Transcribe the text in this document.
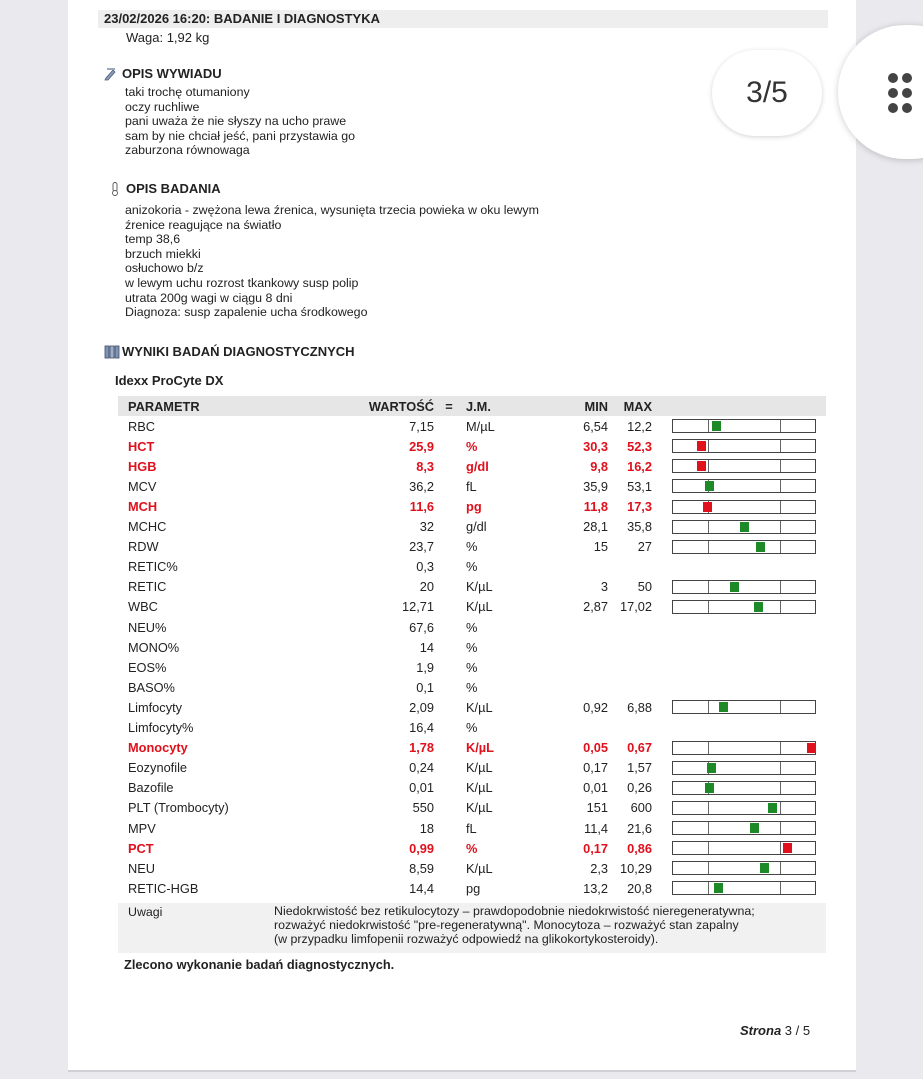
23/02/2026 16:20: BADANIE I DIAGNOSTYKA
Waga: 1,92 kg
OPIS WYWIADU
taki trochę otumaniony
oczy ruchliwe
pani uważa że nie słyszy na ucho prawe
sam by nie chciał jeść, pani przystawia go
zaburzona równowaga
OPIS BADANIA
anizokoria - zwężona lewa źrenica, wysunięta trzecia powieka w oku lewym
źrenice reagujące na światło
temp 38,6
brzuch miekki
osłuchowo b/z
w lewym uchu rozrost tkankowy susp polip
utrata 200g wagi w ciągu 8 dni
Diagnoza: susp zapalenie ucha środkowego
WYNIKI BADAŃ DIAGNOSTYCZNYCH
Idexx ProCyte DX
PARAMETR	WARTOŚĆ	=	J.M.	MIN	MAX	
RBC	7,15		M/µL	6,54	12,2	

HCT	25,9		%	30,3	52,3	

HGB	8,3		g/dl	9,8	16,2	

MCV	36,2		fL	35,9	53,1	

MCH	11,6		pg	11,8	17,3	

MCHC	32		g/dl	28,1	35,8	

RDW	23,7		%	15	27	

RETIC%	0,3		%			
RETIC	20		K/µL	3	50	

WBC	12,71		K/µL	2,87	17,02	

NEU%	67,6		%			
MONO%	14		%			
EOS%	1,9		%			
BASO%	0,1		%			
Limfocyty	2,09		K/µL	0,92	6,88	

Limfocyty%	16,4		%			
Monocyty	1,78		K/µL	0,05	0,67	

Eozynofile	0,24		K/µL	0,17	1,57	

Bazofile	0,01		K/µL	0,01	0,26	

PLT (Trombocyty)	550		K/µL	151	600	

MPV	18		fL	11,4	21,6	

PCT	0,99		%	0,17	0,86	

NEU	8,59		K/µL	2,3	10,29	

RETIC-HGB	14,4		pg	13,2	20,8	
Uwagi	Niedokrwistość bez retikulocytozy – prawdopodobnie niedokrwistość nieregeneratywna;
rozważyć niedokrwistość "pre-regeneratywną". Monocytoza – rozważyć stan zapalny
(w przypadku limfopenii rozważyć odpowiedź na glikokortykosteroidy).
Zlecono wykonanie badań diagnostycznych.
Strona 3 / 5
3/5
